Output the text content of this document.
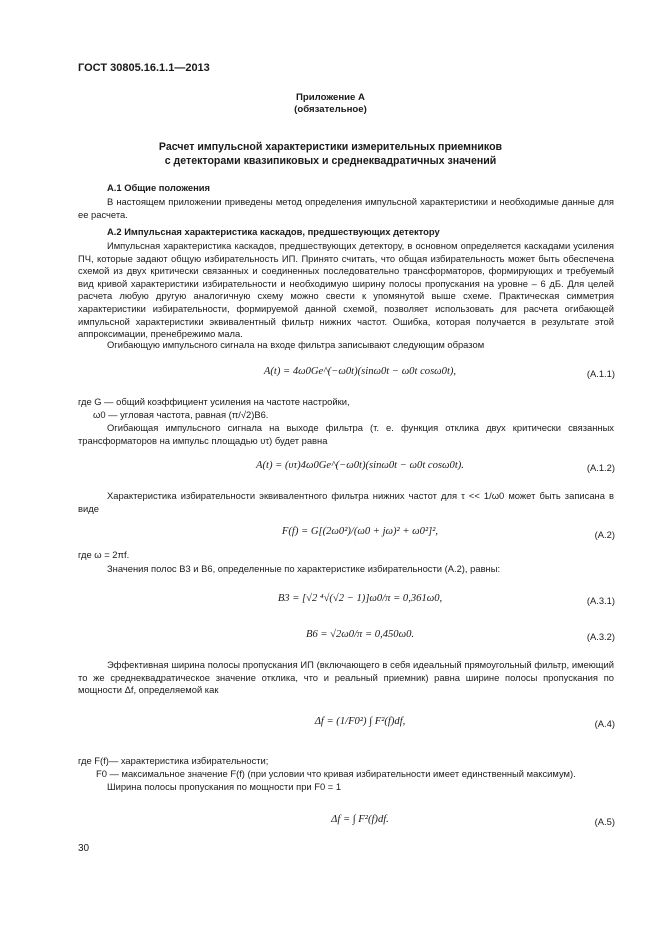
ГОСТ 30805.16.1.1—2013
Приложение А
(обязательное)
Расчет импульсной характеристики измерительных приемников
с детекторами квазипиковых и среднеквадратичных значений
А.1 Общие положения
В настоящем приложении приведены метод определения импульсной характеристики и необходимые данные для ее расчета.
А.2 Импульсная характеристика каскадов, предшествующих детектору
Импульсная характеристика каскадов, предшествующих детектору, в основном определяется каскадами усиления ПЧ, которые задают общую избирательность ИП. Принято считать, что общая избирательность может быть обеспечена схемой из двух критически связанных и соединенных последовательно трансформаторов, формирующих и требуемый вид кривой характеристики избирательности и необходимую ширину полосы пропускания на уровне – 6 дБ. Для целей расчета любую другую аналогичную схему можно свести к упомянутой выше схеме. Практическая симметрия характеристики избирательности, формируемой данной схемой, позволяет использовать для расчета огибающей импульсной характеристики эквивалентный фильтр нижних частот. Ошибка, которая получается в результате этой аппроксимации, пренебрежимо мала.
Огибающую импульсного сигнала на входе фильтра записывают следующим образом
A(t) = 4ω0Ge^(−ω0t)(sinω0t − ω0t cosω0t),	(А.1.1)
где G — общий коэффициент усиления на частоте настройки,
ω0 — угловая частота, равная (π/√2)B6.
Огибающая импульсного сигнала на выходе фильтра (т. е. функция отклика двух критически связанных трансформаторов на импульс площадью υτ) будет равна
A(t) = (υτ)4ω0Ge^(−ω0t)(sinω0t − ω0t cosω0t).	(А.1.2)
Характеристика избирательности эквивалентного фильтра нижних частот для τ << 1/ω0 может быть записана в виде
F(f) = G[(2ω0²)/(ω0 + jω)² + ω0²]²,	(А.2)
где ω = 2πf.
Значения полос B3 и B6, определенные по характеристике избирательности (А.2), равны:
B3 = [√2 ⁴√(√2 − 1)]ω0/π = 0,361ω0,	(А.3.1)
B6 = √2ω0/π = 0,450ω0.	(А.3.2)
Эффективная ширина полосы пропускания ИП (включающего в себя идеальный прямоугольный фильтр, имеющий то же среднеквадратическое значение отклика, что и реальный приемник) равна ширине полосы пропускания по мощности Δf, определяемой как
Δf = (1/F0²) ∫ F²(f)df,	(А.4)
где F(f)— характеристика избирательности;
F0 — максимальное значение F(f) (при условии что кривая избирательности имеет единственный максимум).
Ширина полосы пропускания по мощности при F0 = 1
Δf = ∫ F²(f)df.	(А.5)
30
